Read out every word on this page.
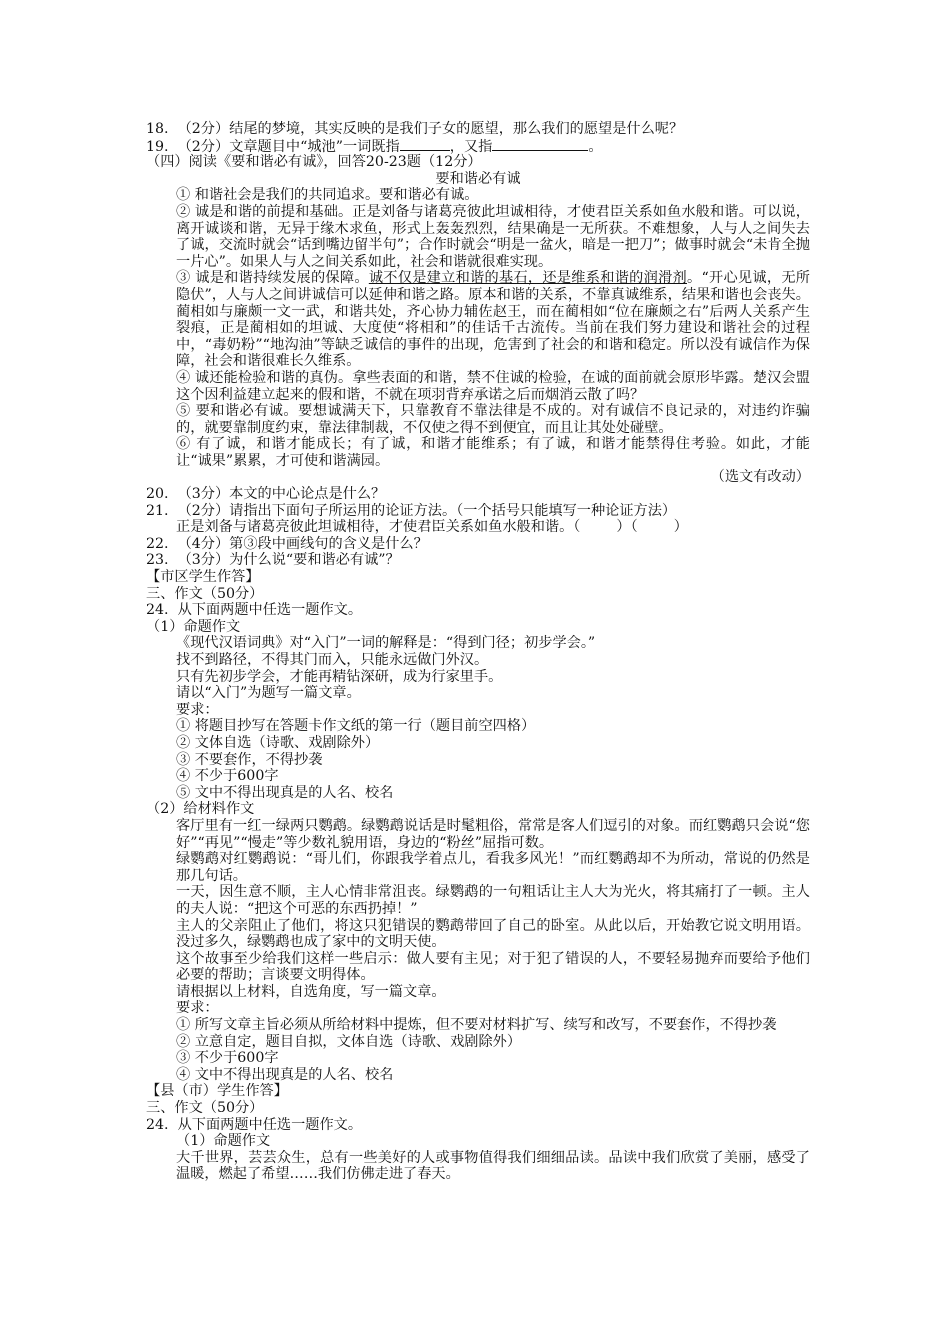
18.  （2分）结尾的梦境，其实反映的是我们子女的愿望，那么我们的愿望是什么呢？
19.  （2分）文章题目中“城池”一词既指	，又指	。
（四）阅读《要和谐必有诚》，回答20-23题（12分）
要和谐必有诚
① 和谐社会是我们的共同追求。要和谐必有诚。
② 诚是和谐的前提和基础。正是刘备与诸葛亮彼此坦诚相待，才使君臣关系如鱼水般和谐。可以说，离开诚谈和谐，无异于缘木求鱼，形式上轰轰烈烈，结果确是一无所获。不难想象，人与人之间失去了诚，交流时就会“话到嘴边留半句”；合作时就会“明是一盆火，暗是一把刀”；做事时就会“未肯全抛一片心”。如果人与人之间关系如此，社会和谐就很难实现。
③ 诚是和谐持续发展的保障。诚不仅是建立和谐的基石，还是维系和谐的润滑剂。“开心见诚，无所隐伏”，人与人之间讲诚信可以延伸和谐之路。原本和谐的关系，不靠真诚维系，结果和谐也会丧失。蔺相如与廉颇一文一武，和谐共处，齐心协力辅佐赵王，而在蔺相如“位在廉颇之右”后两人关系产生裂痕，正是蔺相如的坦诚、大度使“将相和”的佳话千古流传。当前在我们努力建设和谐社会的过程中，“毒奶粉”“地沟油”等缺乏诚信的事件的出现，危害到了社会的和谐和稳定。所以没有诚信作为保障，社会和谐很难长久维系。
④ 诚还能检验和谐的真伪。拿些表面的和谐，禁不住诚的检验，在诚的面前就会原形毕露。楚汉会盟这个因利益建立起来的假和谐，不就在项羽背弃承诺之后而烟消云散了吗？
⑤ 要和谐必有诚。要想诚满天下，只靠教育不靠法律是不成的。对有诚信不良记录的，对违约诈骗的，就要靠制度约束，靠法律制裁，不仅使之得不到便宜，而且让其处处碰壁。
⑥ 有了诚，和谐才能成长；有了诚，和谐才能维系；有了诚，和谐才能禁得住考验。如此，才能让“诚果”累累，才可使和谐满园。
（选文有改动）
20.  （3分）本文的中心论点是什么？
21.  （2分）请指出下面句子所运用的论证方法。（一个括号只能填写一种论证方法）
正是刘备与诸葛亮彼此坦诚相待，才使君臣关系如鱼水般和谐。（        ）（        ）
22.  （4分）第③段中画线句的含义是什么？
23.  （3分）为什么说“要和谐必有诚”？
【市区学生作答】
三、作文（50分）
24.  从下面两题中任选一题作文。
（1）命题作文
《现代汉语词典》对“入门”一词的解释是：“得到门径；初步学会。”
找不到路径，不得其门而入，只能永远做门外汉。
只有先初步学会，才能再精钻深研，成为行家里手。
请以“入门”为题写一篇文章。
要求：
① 将题目抄写在答题卡作文纸的第一行（题目前空四格）
② 文体自选（诗歌、戏剧除外）
③ 不要套作，不得抄袭
④ 不少于600字
⑤ 文中不得出现真是的人名、校名
（2）给材料作文
客厅里有一红一绿两只鹦鹉。绿鹦鹉说话是时髦粗俗，常常是客人们逗引的对象。而红鹦鹉只会说“您好”“再见”“慢走”等少数礼貌用语，身边的“粉丝”屈指可数。
绿鹦鹉对红鹦鹉说：“哥儿们，你跟我学着点儿，看我多风光！”而红鹦鹉却不为所动，常说的仍然是那几句话。
一天，因生意不顺，主人心情非常沮丧。绿鹦鹉的一句粗话让主人大为光火，将其痛打了一顿。主人的夫人说：“把这个可恶的东西扔掉！”
主人的父亲阻止了他们，将这只犯错误的鹦鹉带回了自己的卧室。从此以后，开始教它说文明用语。没过多久，绿鹦鹉也成了家中的文明天使。
这个故事至少给我们这样一些启示：做人要有主见；对于犯了错误的人，不要轻易抛弃而要给予他们必要的帮助；言谈要文明得体。
请根据以上材料，自选角度，写一篇文章。
要求：
① 所写文章主旨必须从所给材料中提炼，但不要对材料扩写、续写和改写，不要套作，不得抄袭
② 立意自定，题目自拟，文体自选（诗歌、戏剧除外）
③ 不少于600字
④ 文中不得出现真是的人名、校名
【县（市）学生作答】
三、作文（50分）
24.  从下面两题中任选一题作文。
（1）命题作文
大千世界，芸芸众生，总有一些美好的人或事物值得我们细细品读。品读中我们欣赏了美丽，感受了温暖，燃起了希望……我们仿佛走进了春天。
